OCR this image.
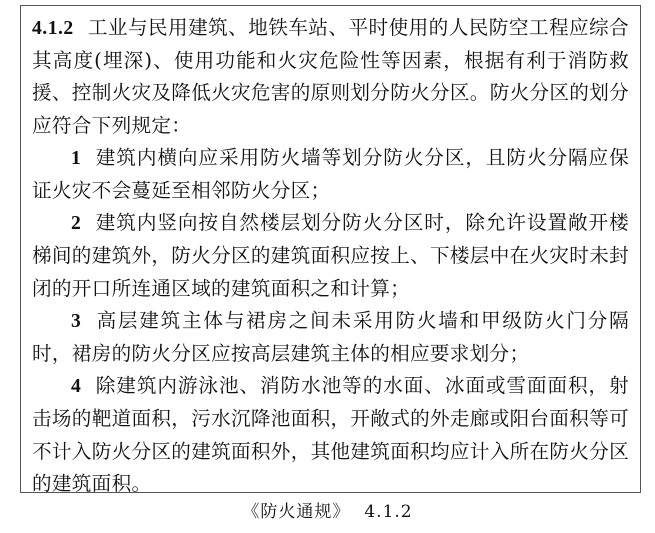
4.1.2 工业与民用建筑、地铁车站、平时使用的人民防空工程应综合其高度(埋深)、使用功能和火灾危险性等因素，根据有利于消防救援、控制火灾及降低火灾危害的原则划分防火分区。防火分区的划分应符合下列规定：

1 建筑内横向应采用防火墙等划分防火分区，且防火分隔应保证火灾不会蔓延至相邻防火分区；

2 建筑内竖向按自然楼层划分防火分区时，除允许设置敞开楼梯间的建筑外，防火分区的建筑面积应按上、下楼层中在火灾时未封闭的开口所连通区域的建筑面积之和计算；

3 高层建筑主体与裙房之间未采用防火墙和甲级防火门分隔时，裙房的防火分区应按高层建筑主体的相应要求划分；

4 除建筑内游泳池、消防水池等的水面、冰面或雪面面积，射击场的靶道面积，污水沉降池面积，开敞式的外走廊或阳台面积等可不计入防火分区的建筑面积外，其他建筑面积均应计入所在防火分区的建筑面积。

《防火通规》 4.1.2
